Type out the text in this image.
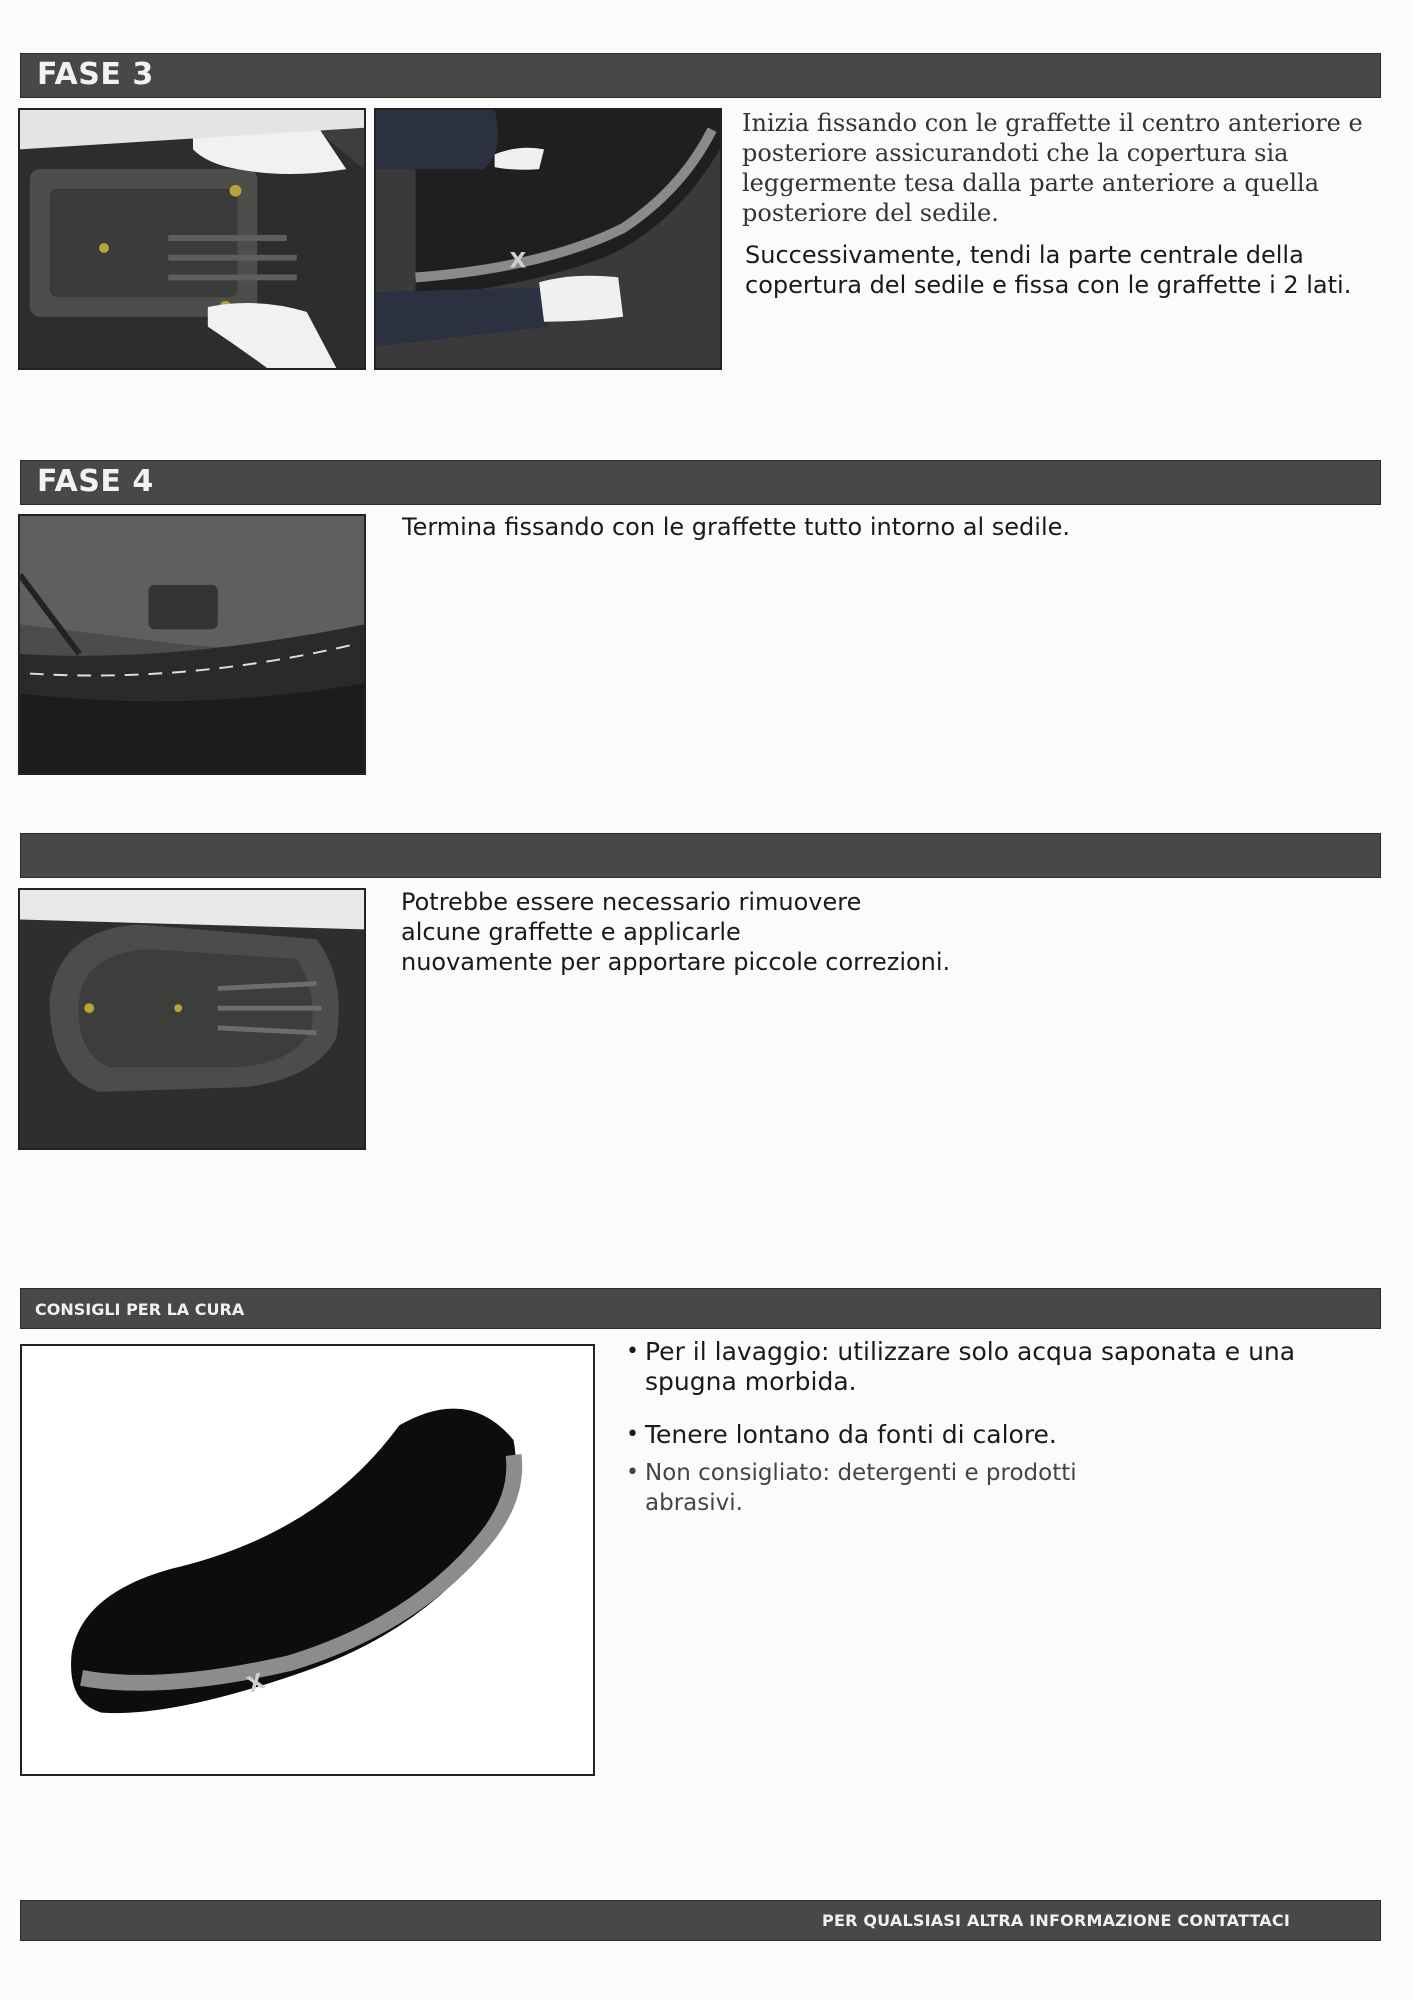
FASE 3
X
Inizia fissando con le graffette il centro anteriore e posteriore assicurandoti che la copertura sia leggermente tesa dalla parte anteriore a quella posteriore del sedile.
Successivamente, tendi la parte centrale della copertura del sedile e fissa con le graffette i 2 lati.
FASE 4
Termina fissando con le graffette tutto intorno al sedile.
Potrebbe essere necessario rimuovere
alcune graffette e applicarle
nuovamente per apportare piccole correzioni.
CONSIGLI PER LA CURA
X
• Per il lavaggio: utilizzare solo acqua saponata e una spugna morbida.
• Tenere lontano da fonti di calore.
• Non consigliato: detergenti e prodotti abrasivi.
PER QUALSIASI ALTRA INFORMAZIONE CONTATTACI
